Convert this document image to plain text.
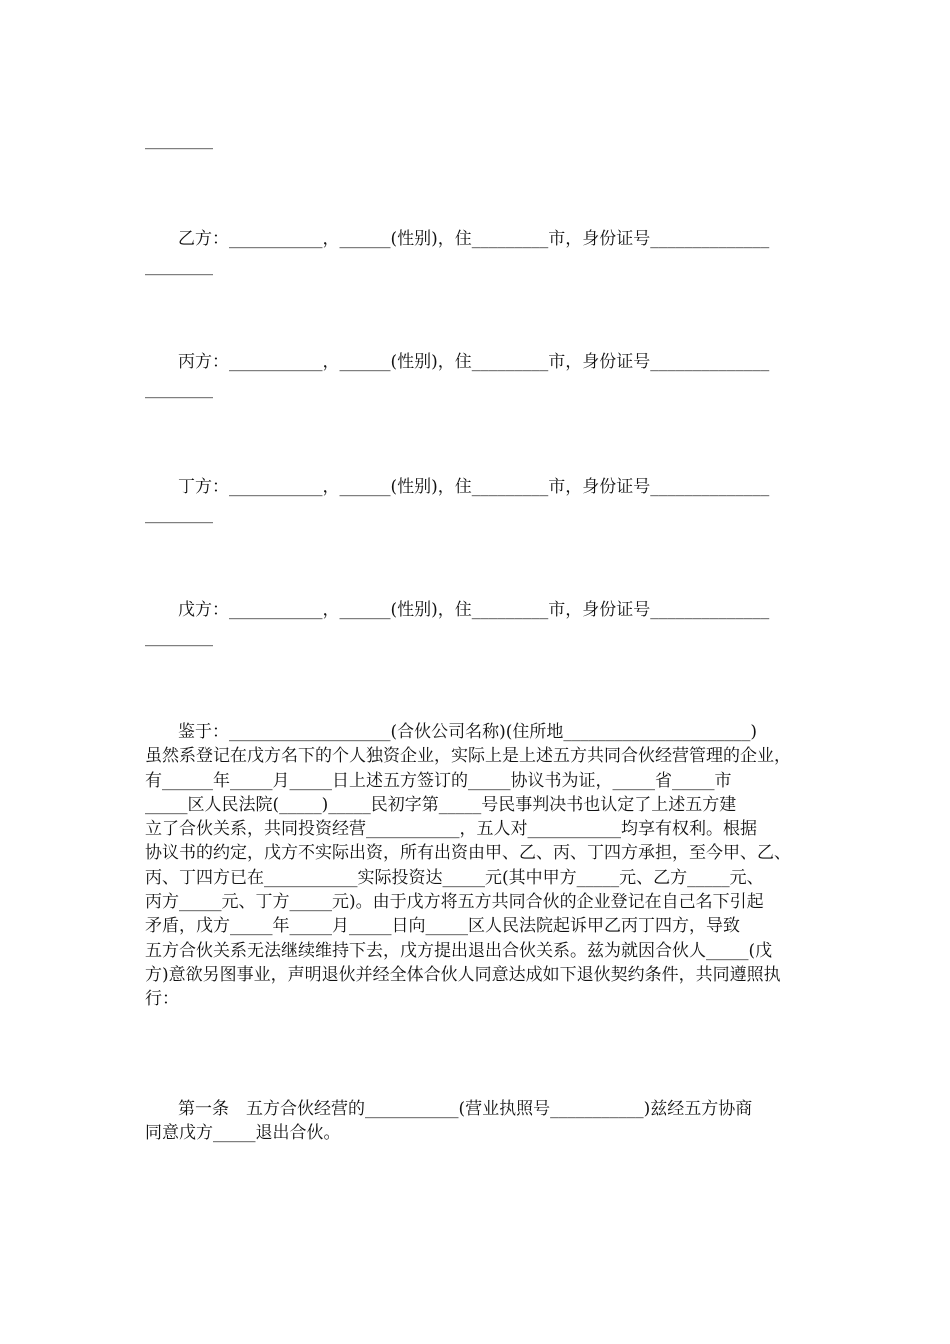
________
乙方：___________，______(性别)，住_________市，身份证号______________
________
丙方：___________，______(性别)，住_________市，身份证号______________
________
丁方：___________，______(性别)，住_________市，身份证号______________
________
戊方：___________，______(性别)，住_________市，身份证号______________
________
鉴于：___________________(合伙公司名称)(住所地______________________)
虽然系登记在戊方名下的个人独资企业，实际上是上述五方共同合伙经营管理的企业，
有______年_____月_____日上述五方签订的_____协议书为证，_____省_____市
_____区人民法院(_____)_____民初字第_____号民事判决书也认定了上述五方建
立了合伙关系，共同投资经营___________，五人对___________均享有权利。根据
协议书的约定，戊方不实际出资，所有出资由甲、乙、丙、丁四方承担，至今甲、乙、
丙、丁四方已在___________实际投资达_____元(其中甲方_____元、乙方_____元、
丙方_____元、丁方_____元)。由于戊方将五方共同合伙的企业登记在自己名下引起
矛盾，戊方_____年_____月_____日向_____区人民法院起诉甲乙丙丁四方，导致
五方合伙关系无法继续维持下去，戊方提出退出合伙关系。兹为就因合伙人_____(戊
方)意欲另图事业，声明退伙并经全体合伙人同意达成如下退伙契约条件，共同遵照执
行：
第一条　五方合伙经营的___________(营业执照号___________)兹经五方协商
同意戊方_____退出合伙。
